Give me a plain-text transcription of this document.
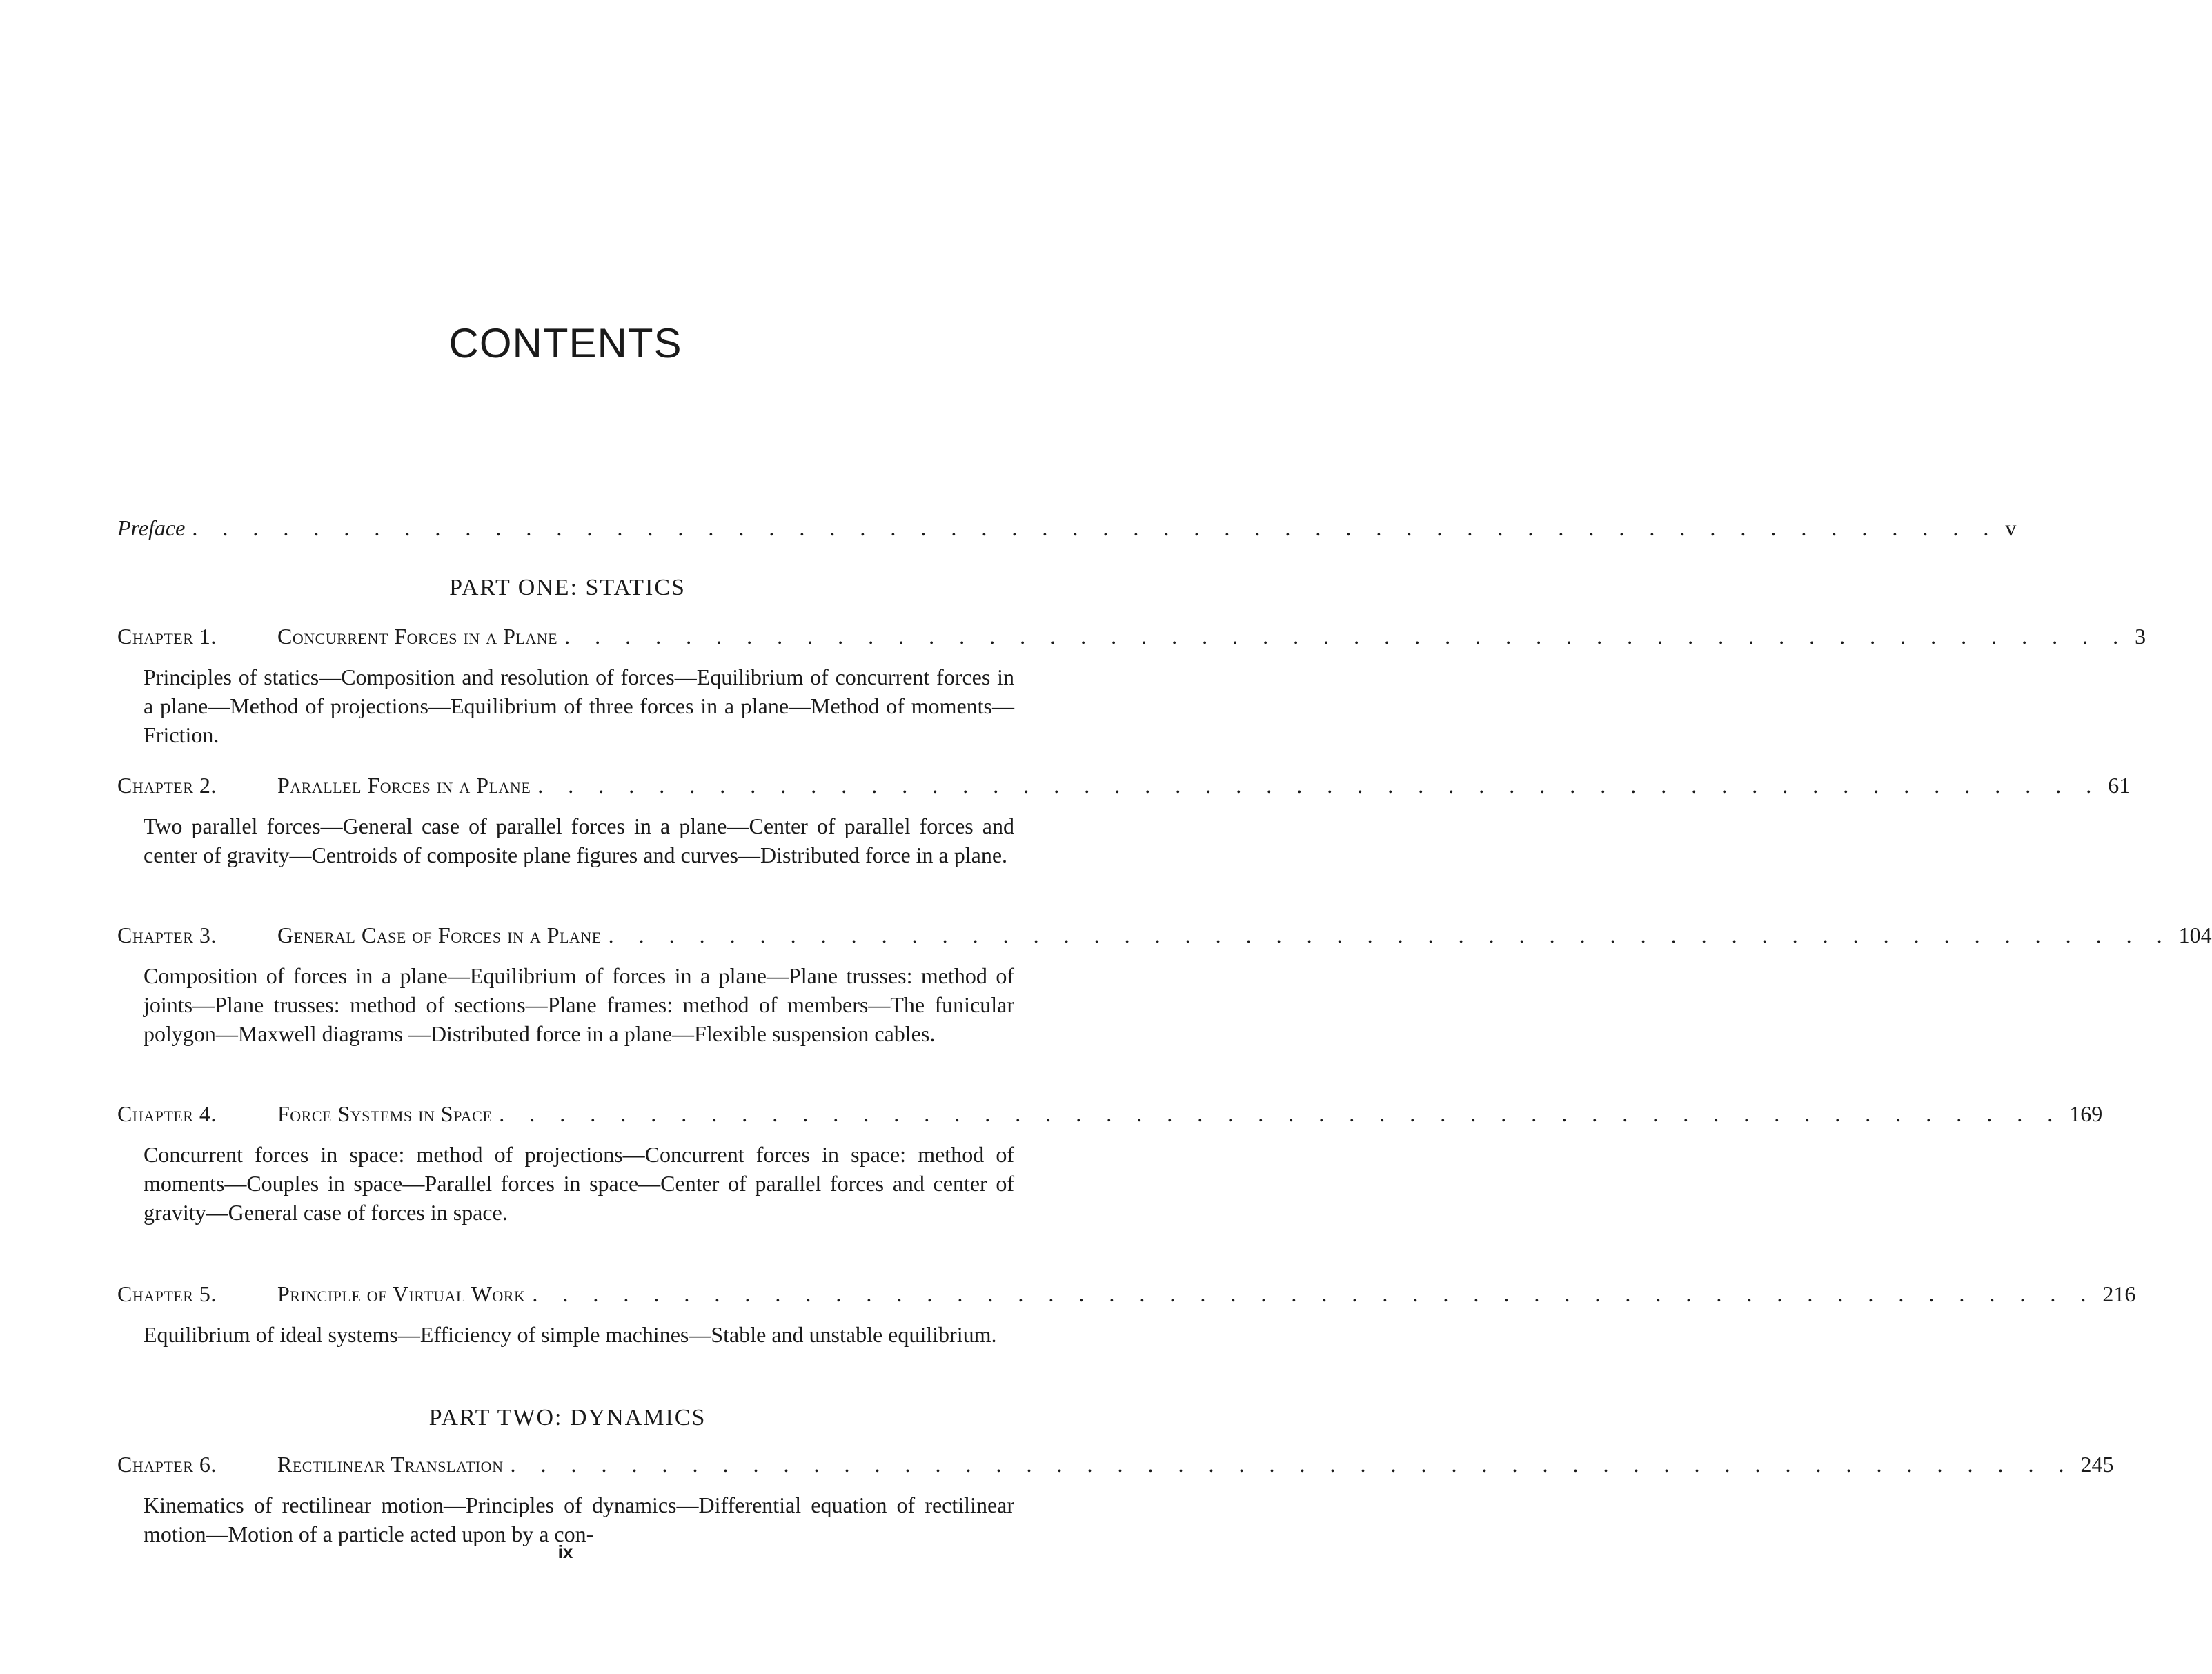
CONTENTS
Preface . . . . . . . . . . . . . . . . . . . . . . . . . . . . . . . . . . . . . . . . . . . . . . . . . . . . . . . . . . . . v
PART ONE: STATICS
Chapter 1.	Concurrent Forces in a Plane . . . . . . . . . . . . . . . . . . . . . . . . . . . . . . . . . . . . . . . . . . . . . . . . . . . . 3
Principles of statics—Composition and resolution of forces—Equilibrium of concurrent forces in a plane—Method of projections—Equilibrium of three forces in a plane—Method of moments—Friction.
Chapter 2.	Parallel Forces in a Plane . . . . . . . . . . . . . . . . . . . . . . . . . . . . . . . . . . . . . . . . . . . . . . . . . . . . 61
Two parallel forces—General case of parallel forces in a plane—Center of parallel forces and center of gravity—Centroids of composite plane figures and curves—Distributed force in a plane.
Chapter 3.	General Case of Forces in a Plane . . . . . . . . . . . . . . . . . . . . . . . . . . . . . . . . . . . . . . . . . . . . . . . . . . . . 104
Composition of forces in a plane—Equilibrium of forces in a plane—Plane trusses: method of joints—Plane trusses: method of sections—Plane frames: method of members—The funicular polygon—Maxwell diagrams —Distributed force in a plane—Flexible suspension cables.
Chapter 4.	Force Systems in Space . . . . . . . . . . . . . . . . . . . . . . . . . . . . . . . . . . . . . . . . . . . . . . . . . . . . 169
Concurrent forces in space: method of projections—Concurrent forces in space: method of moments—Couples in space—Parallel forces in space—Center of parallel forces and center of gravity—General case of forces in space.
Chapter 5.	Principle of Virtual Work . . . . . . . . . . . . . . . . . . . . . . . . . . . . . . . . . . . . . . . . . . . . . . . . . . . . 216
Equilibrium of ideal systems—Efficiency of simple machines—Stable and unstable equilibrium.
PART TWO: DYNAMICS
Chapter 6.	Rectilinear Translation . . . . . . . . . . . . . . . . . . . . . . . . . . . . . . . . . . . . . . . . . . . . . . . . . . . . 245
Kinematics of rectilinear motion—Principles of dynamics—Differential equation of rectilinear motion—Motion of a particle acted upon by a con-
ix
